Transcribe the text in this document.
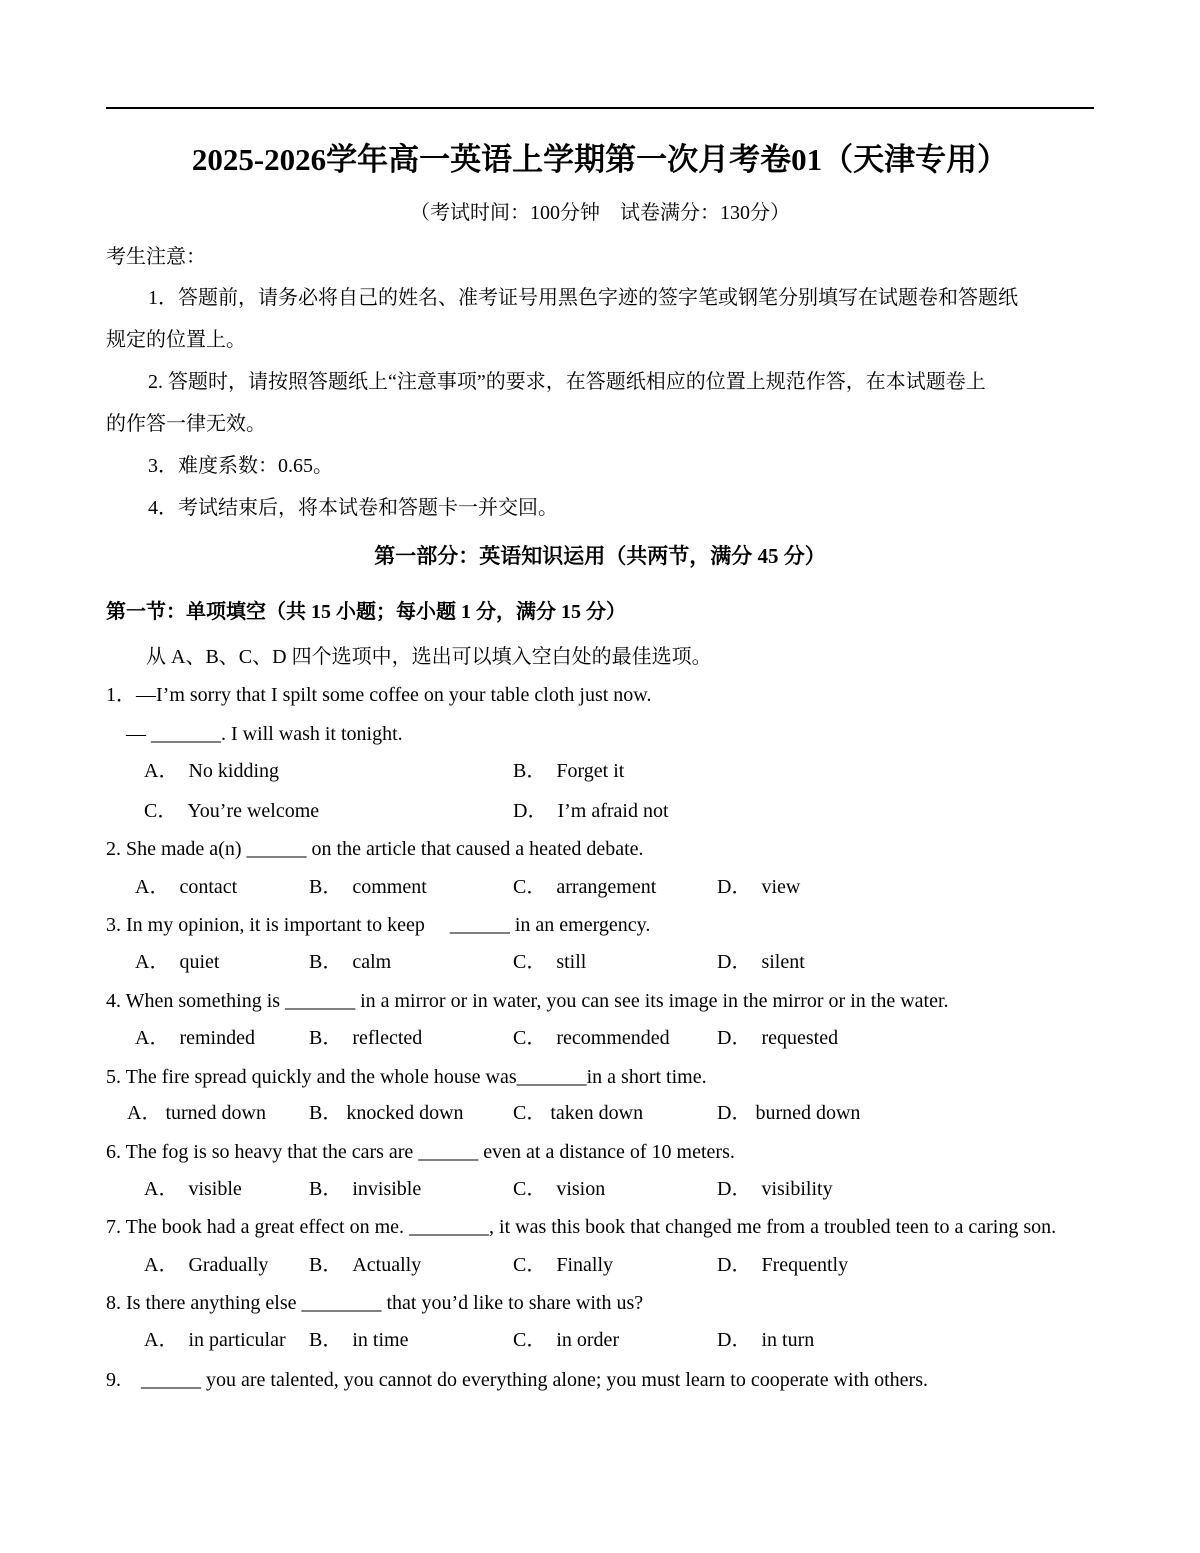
2025-2026学年高一英语上学期第一次月考卷01（天津专用）
（考试时间：100分钟　试卷满分：130分）
考生注意：
1．答题前，请务必将自己的姓名、准考证号用黑色字迹的签字笔或钢笔分别填写在试题卷和答题纸
规定的位置上。
2. 答题时，请按照答题纸上“注意事项”的要求，在答题纸相应的位置上规范作答，在本试题卷上
的作答一律无效。
3．难度系数：0.65。
4．考试结束后，将本试卷和答题卡一并交回。
第一部分：英语知识运用（共两节，满分 45 分）
第一节：单项填空（共 15 小题；每小题 1 分，满分 15 分）
从 A、B、C、D 四个选项中，选出可以填入空白处的最佳选项。
1．—I’m sorry that I spilt some coffee on your table cloth just now.
— _______. I will wash it tonight.
A． No kidding	B． Forget it
C． You’re welcome	D． I’m afraid not
2. She made a(n) ______ on the article that caused a heated debate.
A． contact	B． comment	C． arrangement	D． view
3. In my opinion, it is important to keep　 ______ in an emergency.
A． quiet	B． calm	C． still	D． silent
4. When something is _______ in a mirror or in water, you can see its image in the mirror or in the water.
A． reminded	B． reflected	C． recommended D． requested
5. The fire spread quickly and the whole house was_______in a short time.
A． turned down B． knocked down C． taken down	D． burned down
6. The fog is so heavy that the cars are ______ even at a distance of 10 meters.
A． visible	B． invisible	C． vision	D． visibility
7. The book had a great effect on me. ________, it was this book that changed me from a troubled teen to a caring son.
A． Gradually B． Actually	C． Finally	D． Frequently
8. Is there anything else ________ that you’d like to share with us?
A． in particular B． in time	C． in order	D． in turn
9.　______ you are talented, you cannot do everything alone; you must learn to cooperate with others.
